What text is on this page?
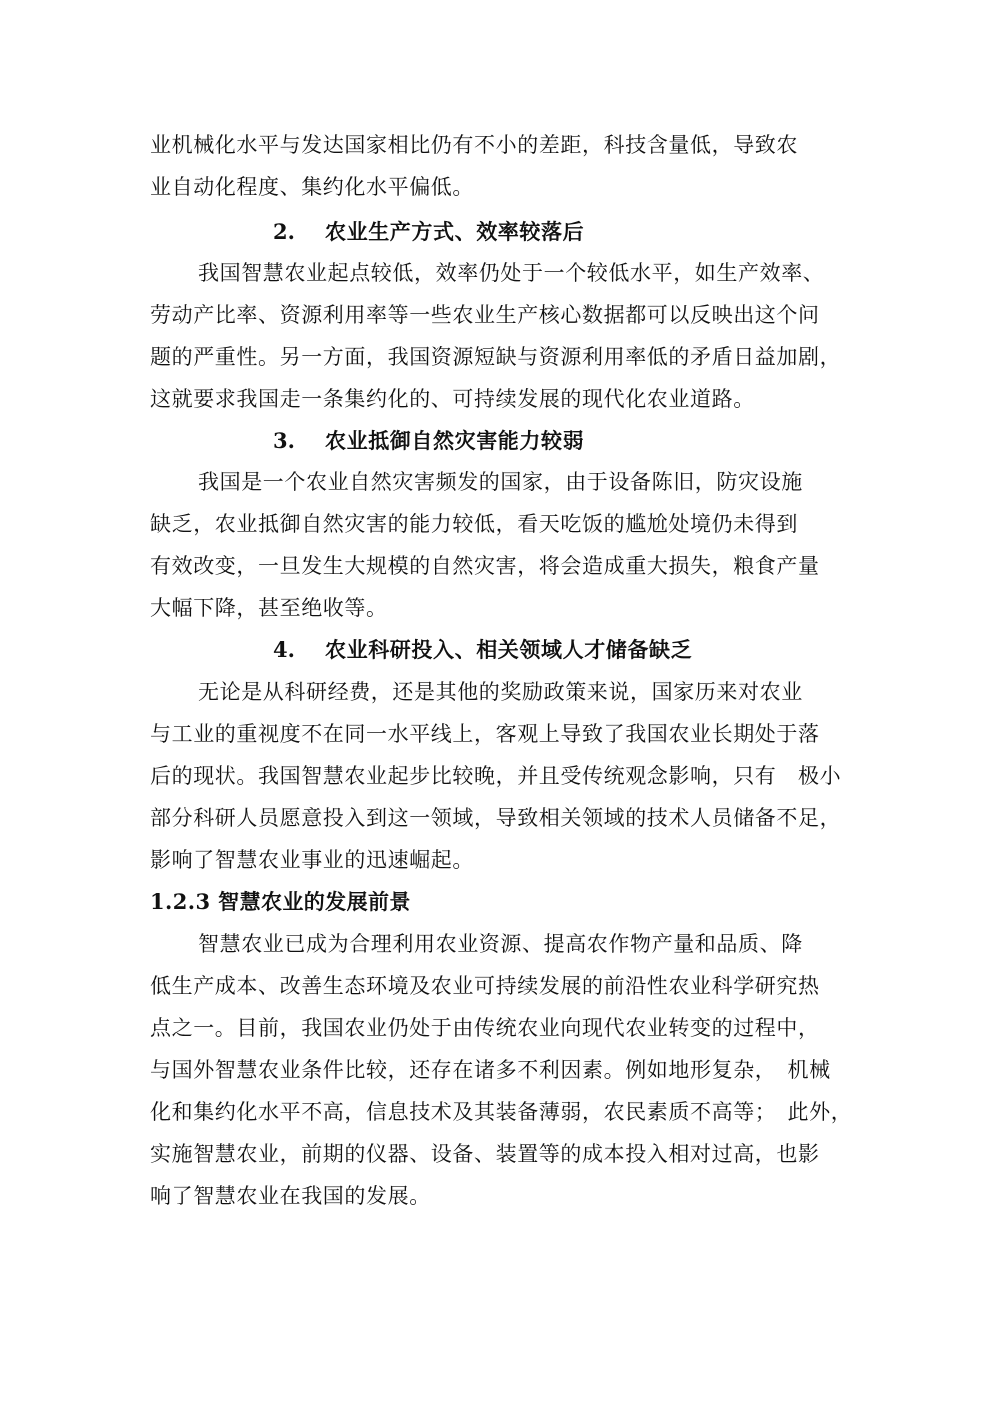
业机械化水平与发达国家相比仍有不小的差距，科技含量低，导致农
业自动化程度、集约化水平偏低。

2.

农业生产方式、效率较落后

我国智慧农业起点较低，效率仍处于一个较低水平，如生产效率、
劳动产比率、资源利用率等一些农业生产核心数据都可以反映出这个问
题的严重性。另一方面，我国资源短缺与资源利用率低的矛盾日益加剧，
这就要求我国走一条集约化的、可持续发展的现代化农业道路。

3.

农业抵御自然灾害能力较弱

我国是一个农业自然灾害频发的国家，由于设备陈旧，防灾设施
缺乏，农业抵御自然灾害的能力较低，看天吃饭的尴尬处境仍未得到
有效改变，一旦发生大规模的自然灾害，将会造成重大损失，粮食产量
大幅下降，甚至绝收等。

4.

农业科研投入、相关领域人才储备缺乏

无论是从科研经费，还是其他的奖励政策来说，国家历来对农业
与工业的重视度不在同一水平线上，客观上导致了我国农业长期处于落
后的现状。我国智慧农业起步比较晚，并且受传统观念影响，只有　极小
部分科研人员愿意投入到这一领域，导致相关领域的技术人员储备不足，
影响了智慧农业事业的迅速崛起。
1.2.3 智慧农业的发展前景
智慧农业已成为合理利用农业资源、提高农作物产量和品质、降
低生产成本、改善生态环境及农业可持续发展的前沿性农业科学研究热
点之一。目前，我国农业仍处于由传统农业向现代农业转变的过程中，
与国外智慧农业条件比较，还存在诸多不利因素。例如地形复杂，　机械
化和集约化水平不高，信息技术及其装备薄弱，农民素质不高等；　此外，
实施智慧农业，前期的仪器、设备、装置等的成本投入相对过高，也影
响了智慧农业在我国的发展。
